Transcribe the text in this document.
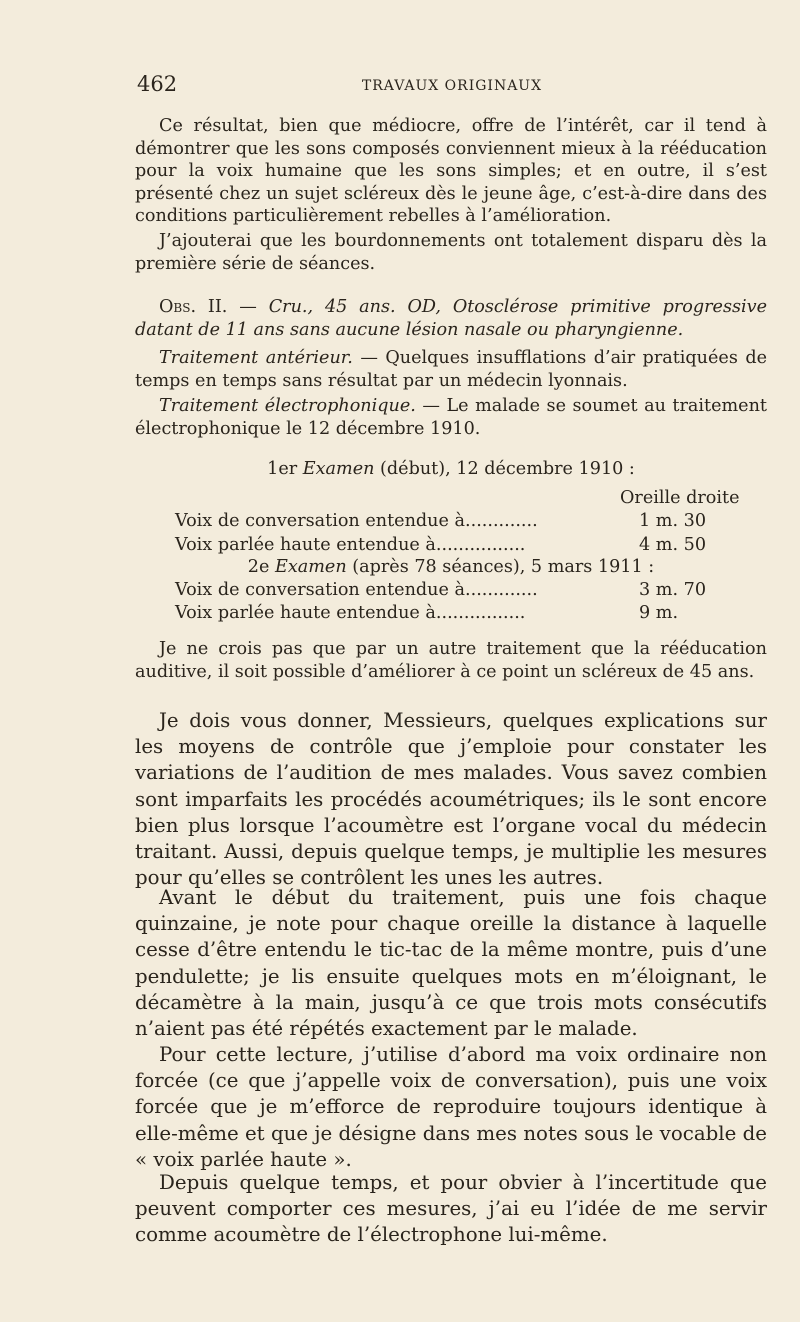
462	TRAVAUX ORIGINAUX

Ce résultat, bien que médiocre, offre de l’intérêt, car il tend à démontrer que les sons composés conviennent mieux à la rééducation pour la voix humaine que les sons simples; et en outre, il s’est présenté chez un sujet scléreux dès le jeune âge, c’est-à-dire dans des conditions particulièrement rebelles à l’amélioration.

J’ajouterai que les bourdonnements ont totalement disparu dès la première série de séances.

Obs. II. — Cru., 45 ans. OD, Otosclérose primitive progressive datant de 11 ans sans aucune lésion nasale ou pharyngienne.

Traitement antérieur. — Quelques insufflations d’air pratiquées de temps en temps sans résultat par un médecin lyonnais.

Traitement électrophonique. — Le malade se soumet au traitement électrophonique le 12 décembre 1910.

1er Examen (début), 12 décembre 1910 :

Oreille droite
Voix de conversation entendue à.............	1 m. 30
Voix parlée haute entendue à................	4 m. 50

2e Examen (après 78 séances), 5 mars 1911 :

Voix de conversation entendue à.............	3 m. 70
Voix parlée haute entendue à................	9 m.

Je ne crois pas que par un autre traitement que la rééducation auditive, il soit possible d’améliorer à ce point un scléreux de 45 ans.

Je dois vous donner, Messieurs, quelques explications sur les moyens de contrôle que j’emploie pour constater les variations de l’audition de mes malades. Vous savez combien sont imparfaits les procédés acoumétriques; ils le sont encore bien plus lorsque l’acoumètre est l’organe vocal du médecin traitant. Aussi, depuis quelque temps, je multiplie les mesures pour qu’elles se contrôlent les unes les autres.

Avant le début du traitement, puis une fois chaque quinzaine, je note pour chaque oreille la distance à laquelle cesse d’être entendu le tic-tac de la même montre, puis d’une pendulette; je lis ensuite quelques mots en m’éloignant, le décamètre à la main, jusqu’à ce que trois mots consécutifs n’aient pas été répétés exactement par le malade.

Pour cette lecture, j’utilise d’abord ma voix ordinaire non forcée (ce que j’appelle voix de conversation), puis une voix forcée que je m’efforce de reproduire toujours identique à elle-même et que je désigne dans mes notes sous le vocable de « voix parlée haute ».

Depuis quelque temps, et pour obvier à l’incertitude que peuvent comporter ces mesures, j’ai eu l’idée de me servir comme acoumètre de l’électrophone lui-même.
